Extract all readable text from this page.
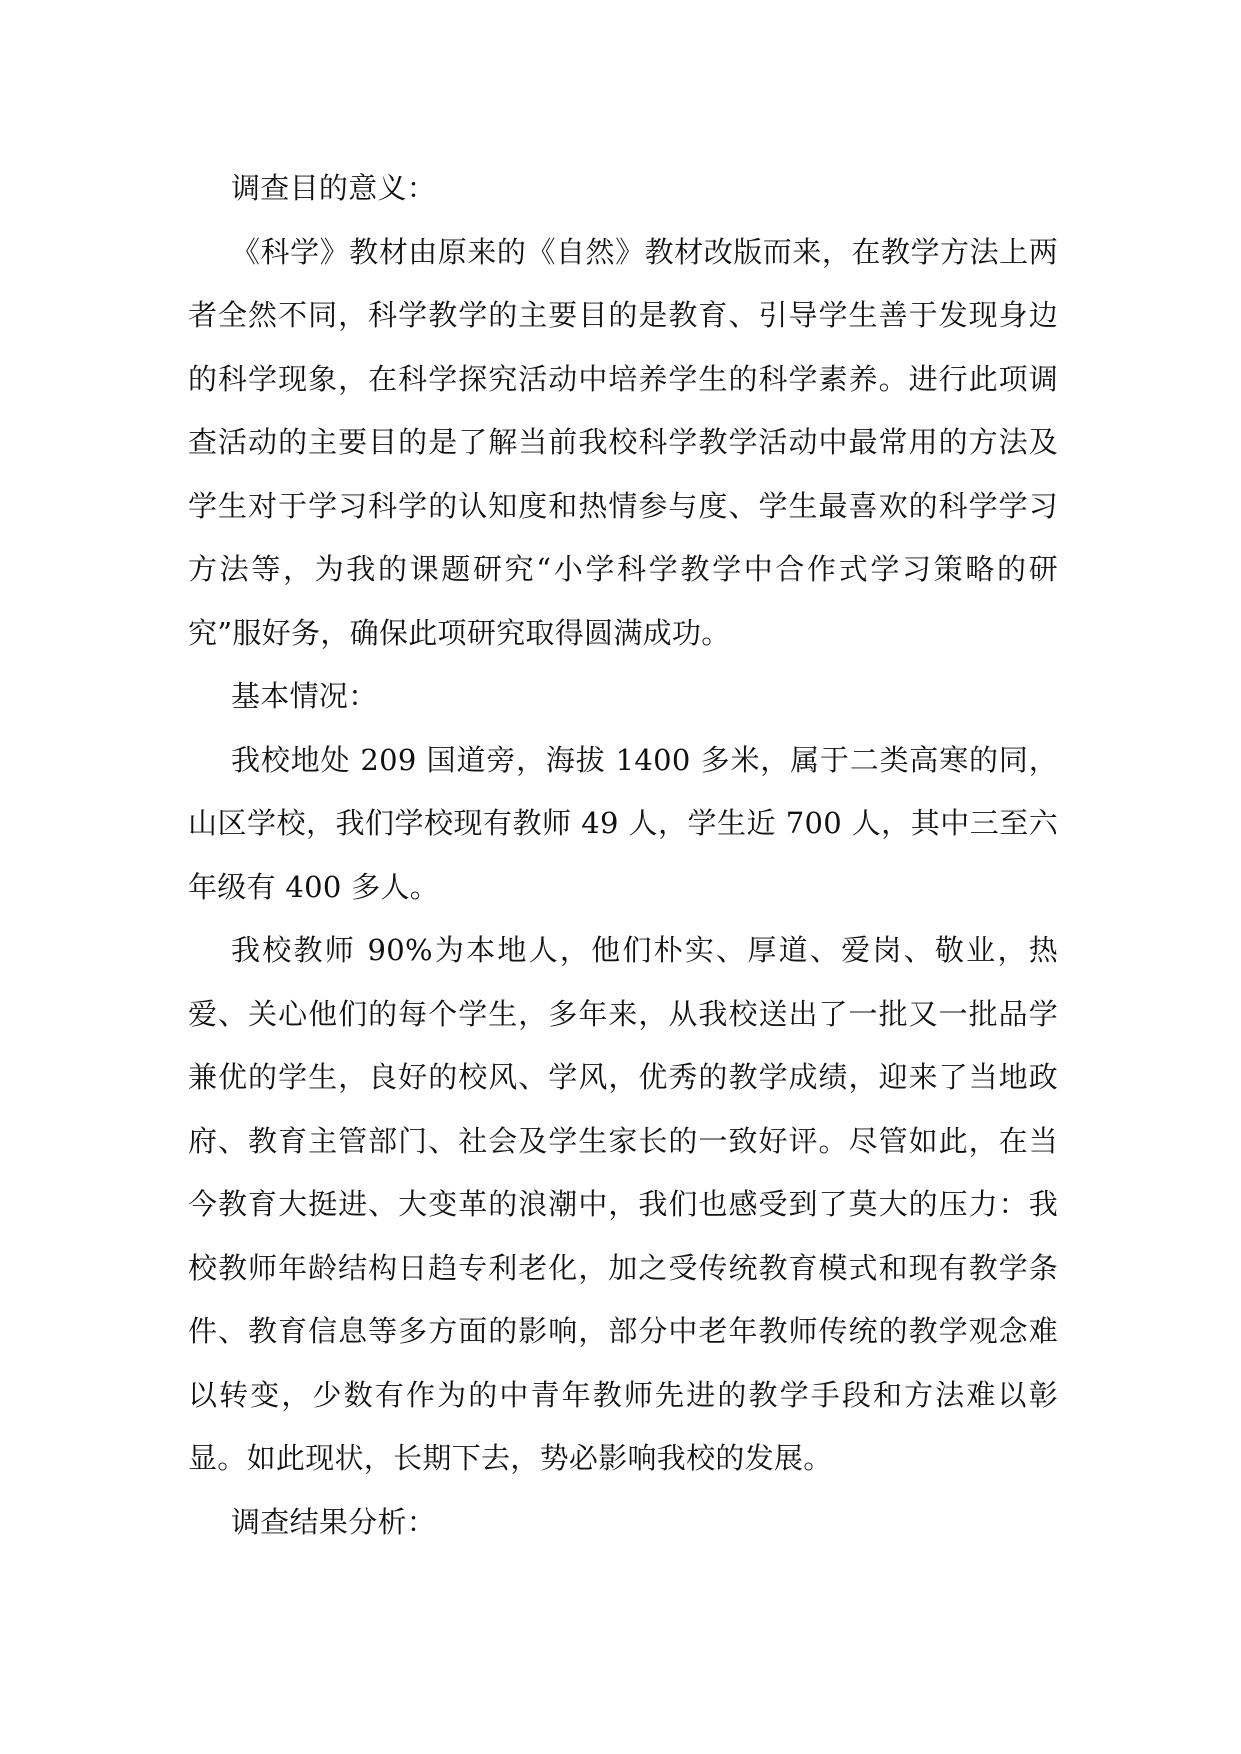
调查目的意义：

《科学》教材由原来的《自然》教材改版而来，在教学方法上两者全然不同，科学教学的主要目的是教育、引导学生善于发现身边的科学现象，在科学探究活动中培养学生的科学素养。进行此项调查活动的主要目的是了解当前我校科学教学活动中最常用的方法及学生对于学习科学的认知度和热情参与度、学生最喜欢的科学学习方法等，为我的课题研究“小学科学教学中合作式学习策略的研究”服好务，确保此项研究取得圆满成功。

基本情况：

我校地处 209 国道旁，海拔 1400 多米，属于二类高寒的同，山区学校，我们学校现有教师 49 人，学生近 700 人，其中三至六年级有 400 多人。

我校教师 90%为本地人，他们朴实、厚道、爱岗、敬业，热爱、关心他们的每个学生，多年来，从我校送出了一批又一批品学兼优的学生，良好的校风、学风，优秀的教学成绩，迎来了当地政府、教育主管部门、社会及学生家长的一致好评。尽管如此，在当今教育大挺进、大变革的浪潮中，我们也感受到了莫大的压力：我校教师年龄结构日趋专利老化，加之受传统教育模式和现有教学条件、教育信息等多方面的影响，部分中老年教师传统的教学观念难以转变，少数有作为的中青年教师先进的教学手段和方法难以彰显。如此现状，长期下去，势必影响我校的发展。

调查结果分析：
